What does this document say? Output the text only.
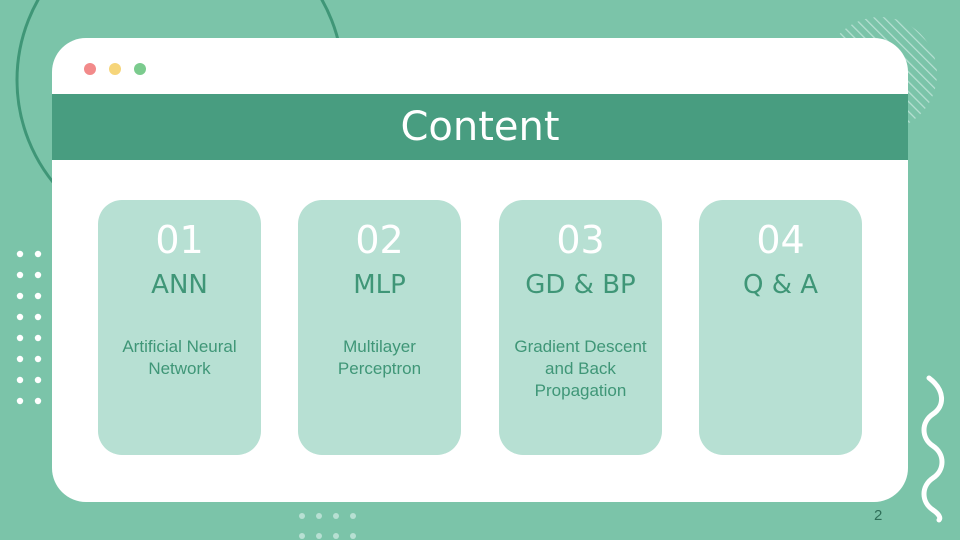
Content
01
ANN
Artificial Neural Network
02
MLP
Multilayer Perceptron
03
GD & BP
Gradient Descent and Back Propagation
04
Q & A
2
